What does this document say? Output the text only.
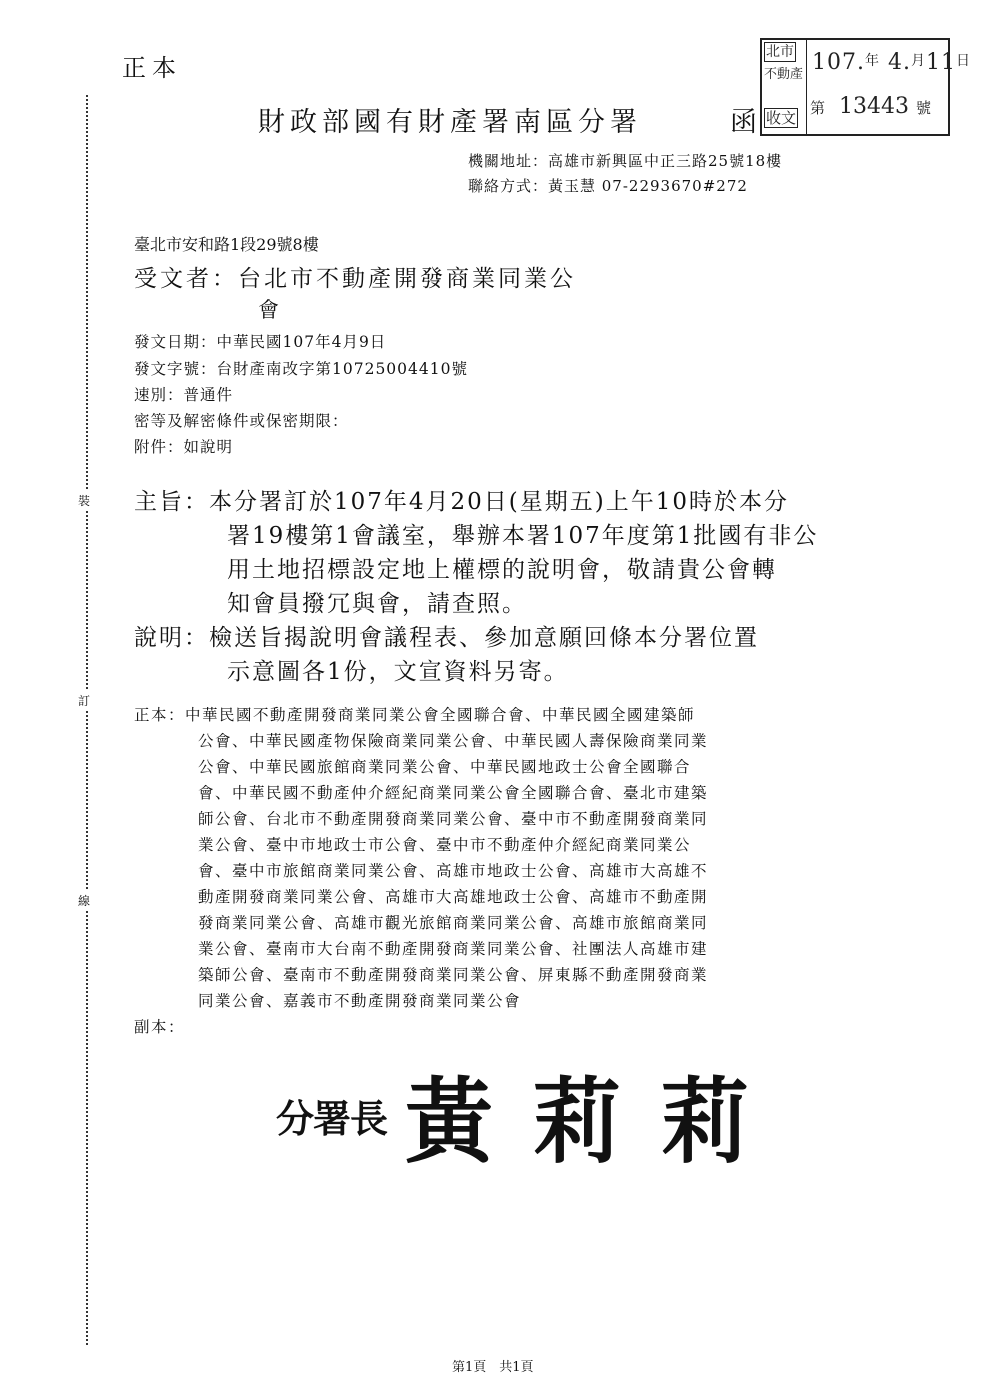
正本
財政部國有財產署南區分署	函
北市
不動產
收文
107.$^年$ $4.^月11^日$
第 13443 號
機關地址：高雄市新興區中正三路25號18樓
聯絡方式：黃玉慧 07-2293670#272
臺北市安和路1段29號8樓
受文者：台北市不動產開發商業同業公
會
發文日期：中華民國107年4月9日
發文字號：台財產南改字第10725004410號
速別：普通件
密等及解密條件或保密期限：
附件：如說明
主旨：本分署訂於107年4月20日(星期五)上午10時於本分
署19樓第1會議室，舉辦本署107年度第1批國有非公
用土地招標設定地上權標的說明會，敬請貴公會轉
知會員撥冗與會，請查照。
說明：檢送旨揭說明會議程表、參加意願回條本分署位置
示意圖各1份，文宣資料另寄。
正本：中華民國不動產開發商業同業公會全國聯合會、中華民國全國建築師
公會、中華民國產物保險商業同業公會、中華民國人壽保險商業同業
公會、中華民國旅館商業同業公會、中華民國地政士公會全國聯合
會、中華民國不動產仲介經紀商業同業公會全國聯合會、臺北市建築
師公會、台北市不動產開發商業同業公會、臺中市不動產開發商業同
業公會、臺中市地政士市公會、臺中市不動產仲介經紀商業同業公
會、臺中市旅館商業同業公會、高雄市地政士公會、高雄市大高雄不
動產開發商業同業公會、高雄市大高雄地政士公會、高雄市不動產開
發商業同業公會、高雄市觀光旅館商業同業公會、高雄市旅館商業同
業公會、臺南市大台南不動產開發商業同業公會、社團法人高雄市建
築師公會、臺南市不動產開發商業同業公會、屏東縣不動產開發商業
同業公會、嘉義市不動產開發商業同業公會
副本：
裝
訂
線
分署長 黃莉莉
第1頁　共1頁
